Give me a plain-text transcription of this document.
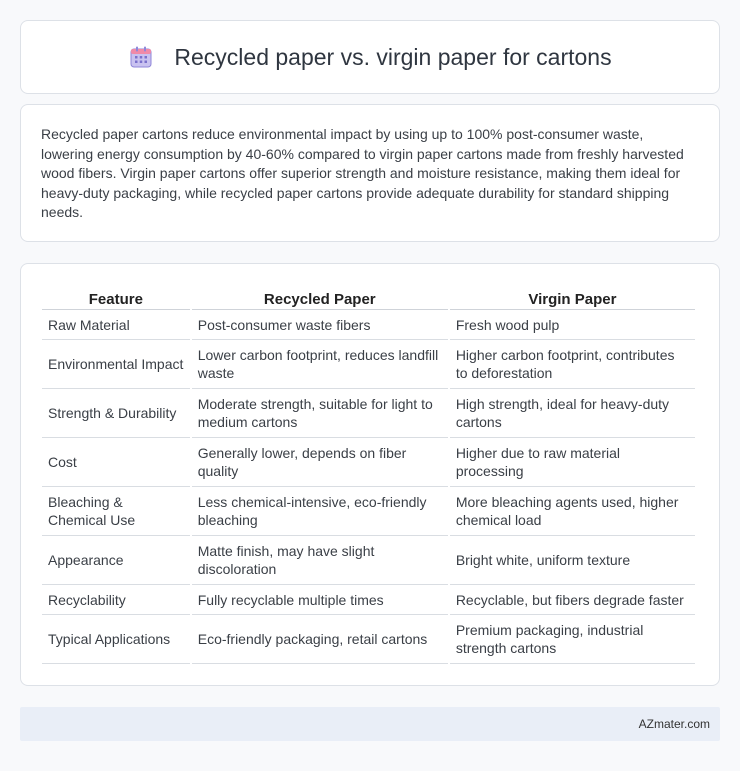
Recycled paper vs. virgin paper for cartons

Recycled paper cartons reduce environmental impact by using up to 100% post-consumer waste, lowering energy consumption by 40-60% compared to virgin paper cartons made from freshly harvested wood fibers. Virgin paper cartons offer superior strength and moisture resistance, making them ideal for heavy-duty packaging, while recycled paper cartons provide adequate durability for standard shipping needs.

Feature	Recycled Paper	Virgin Paper
Raw Material	Post-consumer waste fibers	Fresh wood pulp
Environmental Impact	Lower carbon footprint, reduces landfill waste	Higher carbon footprint, contributes to deforestation
Strength & Durability	Moderate strength, suitable for light to medium cartons	High strength, ideal for heavy-duty cartons
Cost	Generally lower, depends on fiber quality	Higher due to raw material processing
Bleaching & Chemical Use	Less chemical-intensive, eco-friendly bleaching	More bleaching agents used, higher chemical load
Appearance	Matte finish, may have slight discoloration	Bright white, uniform texture
Recyclability	Fully recyclable multiple times	Recyclable, but fibers degrade faster
Typical Applications	Eco-friendly packaging, retail cartons	Premium packaging, industrial strength cartons
AZmater.com
